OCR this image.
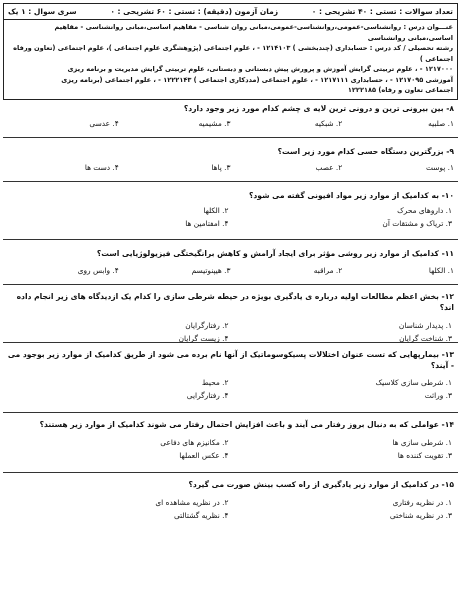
تعداد سوالات : تستی : ۴۰ تشریحی : ۰
زمان آزمون (دقیقه) : تستی : ۶۰ تشریحی : ۰
سری سوال : ۱ یک
عنـــوان درس : روانشناسی-عمومی،روانشناسی-عمومی،مبانی روان شناسی - مفاهیم اساسی،مبانی روانشناسی - مفاهیم اساسی،مبانی روانشناسی
رشته تحصیلی / کد درس : حسابداری (چندبخشی ) ۱۲۱۴۱۰۳ - ، علوم اجتماعی (پژوهشگری علوم اجتماعی )، علوم اجتماعی (تعاون ورفاه اجتماعی )
۱۲۱۷۰۰۰ - ، علوم تربیتی گرایش آموزش و پرورش پیش دبستانی و دبستانی، علوم تربیتی گرایش مدیریت و برنامه ریزی
آموزشی ۱۲۱۷۰۹۵ - ، حسابداری ۱۲۱۷۱۱۱ - ، علوم اجتماعی (مددکاری اجتماعی ) ۱۲۲۲۱۴۳ - ، علوم اجتماعی (برنامه ریزی
اجتماعی تعاون و رفاه) ۱۲۲۲۱۸۵
۸- بین بیرونی ترین و درونی ترین لایه ی چشم کدام مورد زیر وجود دارد؟
۱. صلبیه
۲. شبکیه
۳. مشیمیه
۴. عدسی
۹- بزرگترین دستگاه حسی کدام مورد زیر است؟
۱. پوست
۲. عصب
۳. پاها
۴. دست ها
۱۰- به کدامیک از موارد زیر مواد افیونی گفته می شود؟
۱. داروهای محرک
۲. الکلها
۳. تریاک و مشتقات آن
۴. امفتامین ها
۱۱- کدامیک از موارد زیر روشی مؤثر برای ایجاد آرامش و کاهش برانگیختگی فیزیولوژیایی است؟
۱. الکلها
۲. مراقبه
۳. هیپنوتیسم
۴. وابس روی
۱۲- بخش اعظم مطالعات اولیه درباره ی یادگیری بویژه در حیطه شرطی سازی را کدام یک ازدیدگاه های زیر انجام داده اند؟
۱. پدیدار شناسان
۲. رفتارگرایان
۳. شناخت گرایان
۴. زیست گرایان
۱۳- بیمارپهایی که تست عنوان اختلالات پسیکوسوماتیک از آنها نام برده می شود از طریق کدامیک از موارد زیر بوجود می - آیند؟
۱. شرطی سازی کلاسیک
۲. محیط
۳. وراثت
۴. رفتارگرایی
۱۴- عواملی که به دنبال بروز رفتار می آیند و باعث افزایش احتمال رفتار می شوند کدامیک از موارد زیر هستند؟
۱. شرطی سازی ها
۲. مکانیزم های دفاعی
۳. تقویت کننده ها
۴. عکس العملها
۱۵- در کدامیک از موارد زیر یادگیری از راه کسب بینش صورت می گیرد؟
۱. در نظریه رفتاری
۲. در نظریه مشاهده ای
۳. در نظریه شناختی
۴. نظریه گشتالتی
